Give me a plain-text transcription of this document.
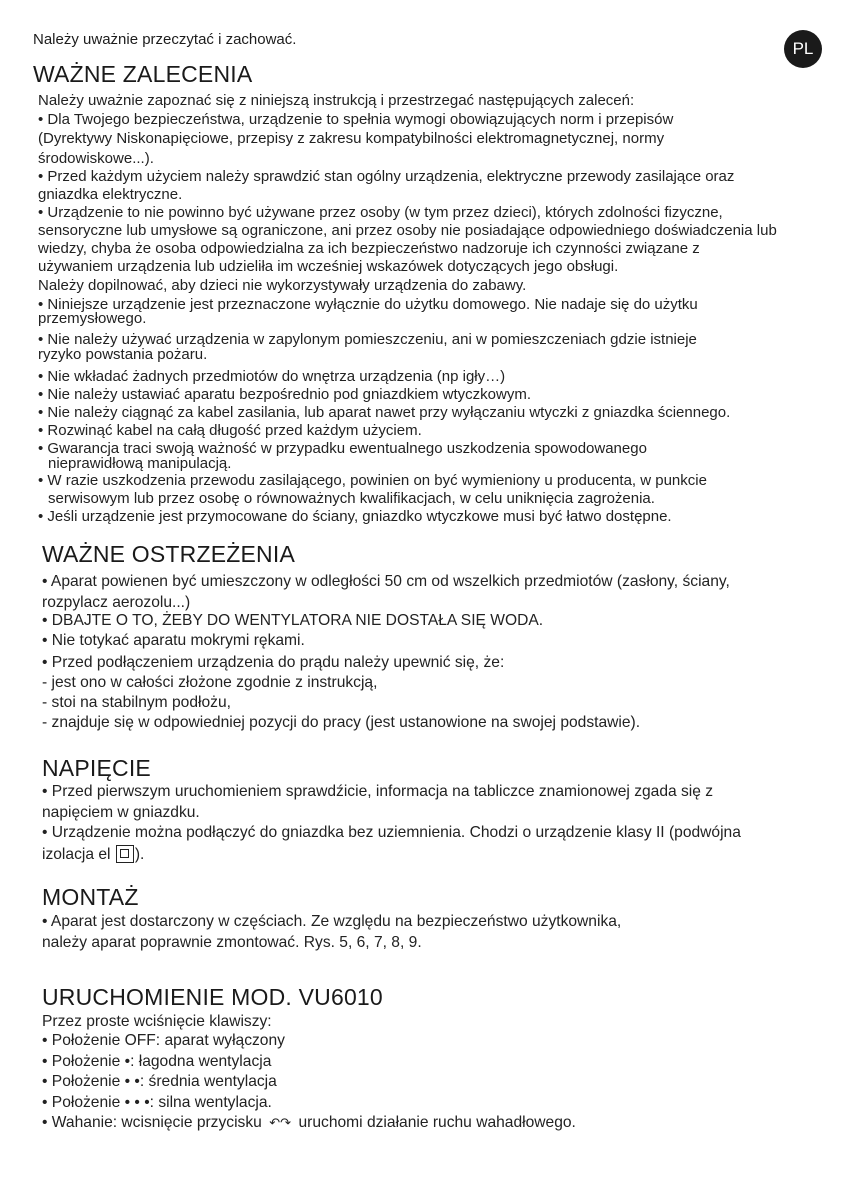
Należy uważnie przeczytać i zachować.	PL
WAŻNE ZALECENIA
Należy uważnie zapoznać się z niniejszą instrukcją i przestrzegać następujących zaleceń:
• Dla Twojego bezpieczeństwa, urządzenie to spełnia wymogi obowiązujących norm i przepisów
(Dyrektywy Niskonapięciowe, przepisy z zakresu kompatybilności elektromagnetycznej, normy
środowiskowe...).
• Przed każdym użyciem należy sprawdzić stan ogólny urządzenia, elektryczne przewody zasilające oraz
gniazdka elektryczne.
• Urządzenie to nie powinno być używane przez osoby (w tym przez dzieci), których zdolności fizyczne,
sensoryczne lub umysłowe są ograniczone, ani przez osoby nie posiadające odpowiedniego doświadczenia lub
wiedzy, chyba że osoba odpowiedzialna za ich bezpieczeństwo nadzoruje ich czynności związane z
używaniem urządzenia lub udzieliła im wcześniej wskazówek dotyczących jego obsługi.
Należy dopilnować, aby dzieci nie wykorzystywały urządzenia do zabawy.
• Niniejsze urządzenie jest przeznaczone wyłącznie do użytku domowego. Nie nadaje się do użytku
przemysłowego.
• Nie należy używać urządzenia w zapylonym pomieszczeniu, ani w pomieszczeniach gdzie istnieje
ryzyko powstania pożaru.
• Nie wkładać żadnych przedmiotów do wnętrza urządzenia (np igły…)
• Nie należy ustawiać aparatu bezpośrednio pod gniazdkiem wtyczkowym.
• Nie należy ciągnąć za kabel zasilania, lub aparat nawet przy wyłączaniu wtyczki z gniazdka ściennego.
• Rozwinąć kabel na całą długość przed każdym użyciem.
• Gwarancja traci swoją ważność w przypadku ewentualnego uszkodzenia spowodowanego
nieprawidłową manipulacją.
• W razie uszkodzenia przewodu zasilającego, powinien on być wymieniony u producenta, w punkcie
serwisowym lub przez osobę o równoważnych kwalifikacjach, w celu uniknięcia zagrożenia.
• Jeśli urządzenie jest przymocowane do ściany, gniazdko wtyczkowe musi być łatwo dostępne.
WAŻNE OSTRZEŻENIA
• Aparat powienen być umieszczony w odległości 50 cm od wszelkich przedmiotów (zasłony, ściany,
rozpylacz aerozolu...)
• DBAJTE O TO, ŻEBY DO WENTYLATORA NIE DOSTAŁA SIĘ WODA.
• Nie totykać aparatu mokrymi rękami.
• Przed podłączeniem urządzenia do prądu należy upewnić się, że:
- jest ono w całości złożone zgodnie z instrukcją,
- stoi na stabilnym podłożu,
- znajduje się w odpowiedniej pozycji do pracy (jest ustanowione na swojej podstawie).
NAPIĘCIE
• Przed pierwszym uruchomieniem sprawdźicie, informacja na tabliczce znamionowej zgada się z
napięciem w gniazdku.
• Urządzenie można podłączyć do gniazdka bez uziemnienia. Chodzi o urządzenie klasy II (podwójna
izolacja el ).
MONTAŻ
• Aparat jest dostarczony w częściach. Ze względu na bezpieczeństwo użytkownika,
należy aparat poprawnie zmontować. Rys. 5, 6, 7, 8, 9.
URUCHOMIENIE MOD. VU6010
Przez proste wciśnięcie klawiszy:
• Położenie OFF: aparat wyłączony
• Położenie •: łagodna wentylacja
• Położenie • •: średnia wentylacja
• Położenie • • •: silna wentylacja.
• Wahanie: wcisnięcie przycisku ↶↷ uruchomi działanie ruchu wahadłowego.
